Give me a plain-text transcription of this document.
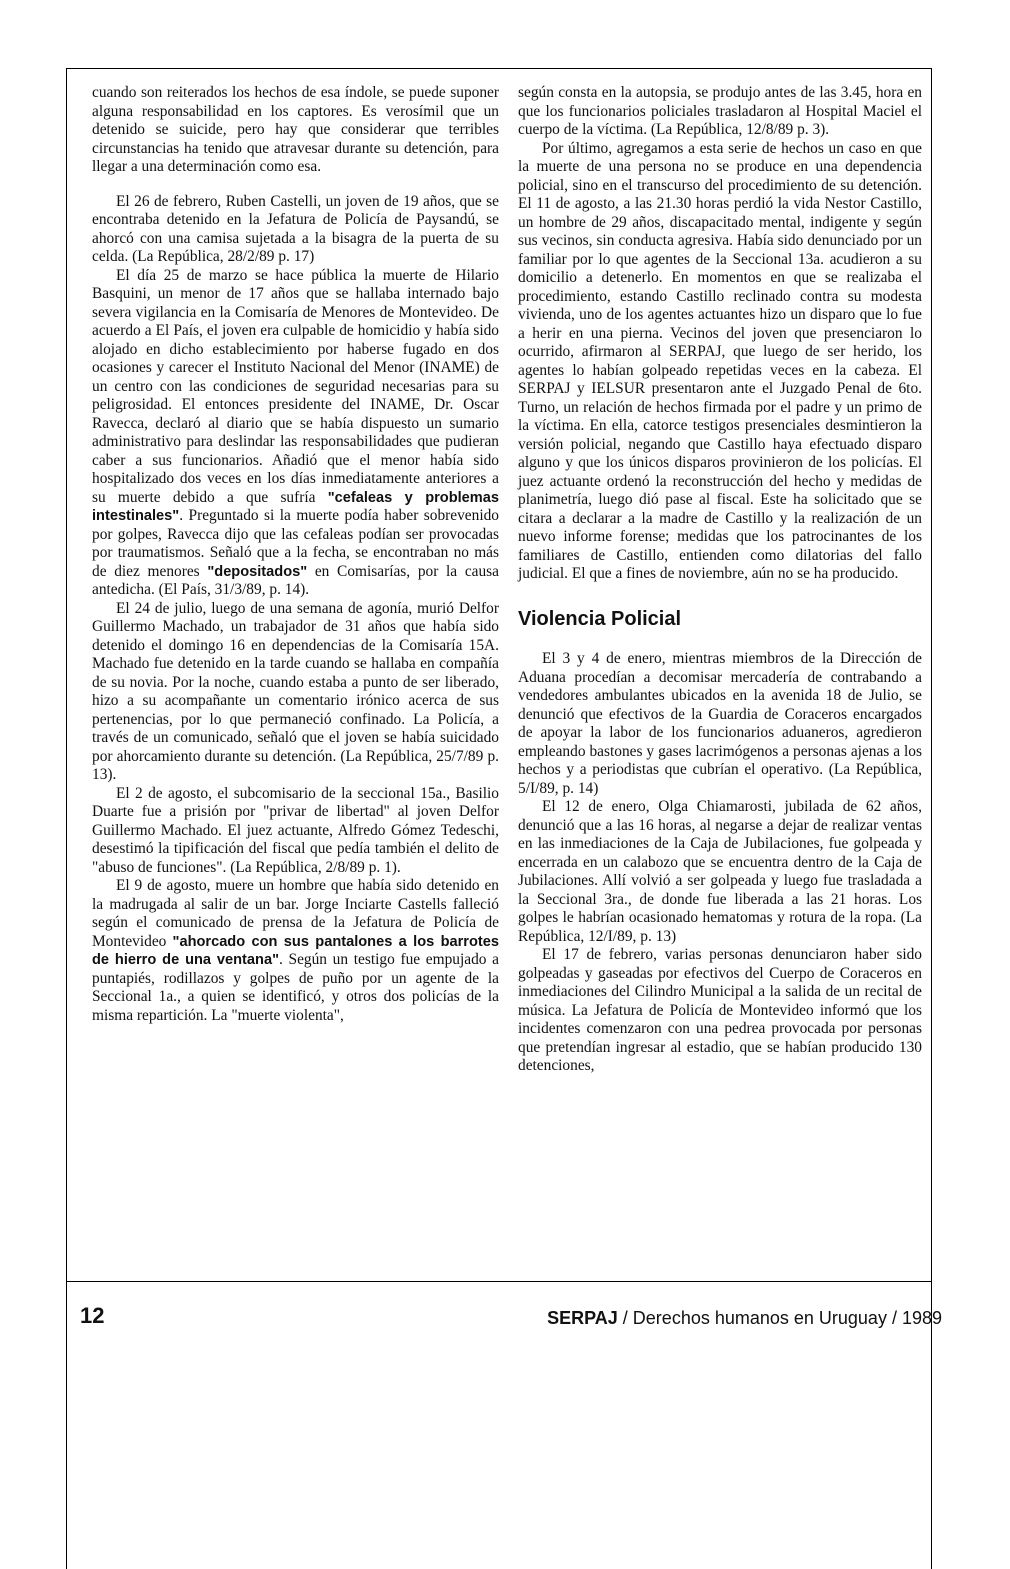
cuando son reiterados los hechos de esa índole, se puede suponer alguna responsabilidad en los captores. Es verosímil que un detenido se suicide, pero hay que considerar que terribles circunstancias ha tenido que atravesar durante su detención, para llegar a una determinación como esa.

El 26 de febrero, Ruben Castelli, un joven de 19 años, que se encontraba detenido en la Jefatura de Policía de Paysandú, se ahorcó con una camisa sujetada a la bisagra de la puerta de su celda. (La República, 28/2/89 p. 17)

El día 25 de marzo se hace pública la muerte de Hilario Basquini, un menor de 17 años que se hallaba internado bajo severa vigilancia en la Comisaría de Menores de Montevideo. De acuerdo a El País, el joven era culpable de homicidio y había sido alojado en dicho establecimiento por haberse fugado en dos ocasiones y carecer el Instituto Nacional del Menor (INAME) de un centro con las condiciones de seguridad necesarias para su peligrosidad. El entonces presidente del INAME, Dr. Oscar Ravecca, declaró al diario que se había dispuesto un sumario administrativo para deslindar las responsabilidades que pudieran caber a sus funcionarios. Añadió que el menor había sido hospitalizado dos veces en los días inmediatamente anteriores a su muerte debido a que sufría "cefaleas y problemas intestinales". Preguntado si la muerte podía haber sobrevenido por golpes, Ravecca dijo que las cefaleas podían ser provocadas por traumatismos. Señaló que a la fecha, se encontraban no más de diez menores "depositados" en Comisarías, por la causa antedicha. (El País, 31/3/89, p. 14).

El 24 de julio, luego de una semana de agonía, murió Delfor Guillermo Machado, un trabajador de 31 años que había sido detenido el domingo 16 en dependencias de la Comisaría 15A. Machado fue detenido en la tarde cuando se hallaba en compañía de su novia. Por la noche, cuando estaba a punto de ser liberado, hizo a su acompañante un comentario irónico acerca de sus pertenencias, por lo que permaneció confinado. La Policía, a través de un comunicado, señaló que el joven se había suicidado por ahorcamiento durante su detención. (La República, 25/7/89 p. 13).

El 2 de agosto, el subcomisario de la seccional 15a., Basilio Duarte fue a prisión por "privar de libertad" al joven Delfor Guillermo Machado. El juez actuante, Alfredo Gómez Tedeschi, desestimó la tipificación del fiscal que pedía también el delito de "abuso de funciones". (La República, 2/8/89 p. 1).

El 9 de agosto, muere un hombre que había sido detenido en la madrugada al salir de un bar. Jorge Inciarte Castells falleció según el comunicado de prensa de la Jefatura de Policía de Montevideo "ahorcado con sus pantalones a los barrotes de hierro de una ventana". Según un testigo fue empujado a puntapiés, rodillazos y golpes de puño por un agente de la Seccional 1a., a quien se identificó, y otros dos policías de la misma repartición. La "muerte violenta",

según consta en la autopsia, se produjo antes de las 3.45, hora en que los funcionarios policiales trasladaron al Hospital Maciel el cuerpo de la víctima. (La República, 12/8/89 p. 3).

Por último, agregamos a esta serie de hechos un caso en que la muerte de una persona no se produce en una dependencia policial, sino en el transcurso del procedimiento de su detención. El 11 de agosto, a las 21.30 horas perdió la vida Nestor Castillo, un hombre de 29 años, discapacitado mental, indigente y según sus vecinos, sin conducta agresiva. Había sido denunciado por un familiar por lo que agentes de la Seccional 13a. acudieron a su domicilio a detenerlo. En momentos en que se realizaba el procedimiento, estando Castillo reclinado contra su modesta vivienda, uno de los agentes actuantes hizo un disparo que lo fue a herir en una pierna. Vecinos del joven que presenciaron lo ocurrido, afirmaron al SERPAJ, que luego de ser herido, los agentes lo habían golpeado repetidas veces en la cabeza. El SERPAJ y IELSUR presentaron ante el Juzgado Penal de 6to. Turno, un relación de hechos firmada por el padre y un primo de la víctima. En ella, catorce testigos presenciales desmintieron la versión policial, negando que Castillo haya efectuado disparo alguno y que los únicos disparos provinieron de los policías. El juez actuante ordenó la reconstrucción del hecho y medidas de planimetría, luego dió pase al fiscal. Este ha solicitado que se citara a declarar a la madre de Castillo y la realización de un nuevo informe forense; medidas que los patrocinantes de los familiares de Castillo, entienden como dilatorias del fallo judicial. El que a fines de noviembre, aún no se ha producido.

Violencia Policial

El 3 y 4 de enero, mientras miembros de la Dirección de Aduana procedían a decomisar mercadería de contrabando a vendedores ambulantes ubicados en la avenida 18 de Julio, se denunció que efectivos de la Guardia de Coraceros encargados de apoyar la labor de los funcionarios aduaneros, agredieron empleando bastones y gases lacrimógenos a personas ajenas a los hechos y a periodistas que cubrían el operativo. (La República, 5/I/89, p. 14)

El 12 de enero, Olga Chiamarosti, jubilada de 62 años, denunció que a las 16 horas, al negarse a dejar de realizar ventas en las inmediaciones de la Caja de Jubilaciones, fue golpeada y encerrada en un calabozo que se encuentra dentro de la Caja de Jubilaciones. Allí volvió a ser golpeada y luego fue trasladada a la Seccional 3ra., de donde fue liberada a las 21 horas. Los golpes le habrían ocasionado hematomas y rotura de la ropa. (La República, 12/I/89, p. 13)

El 17 de febrero, varias personas denunciaron haber sido golpeadas y gaseadas por efectivos del Cuerpo de Coraceros en inmediaciones del Cilindro Municipal a la salida de un recital de música. La Jefatura de Policía de Montevideo informó que los incidentes comenzaron con una pedrea provocada por personas que pretendían ingresar al estadio, que se habían producido 130 detenciones,

12	SERPAJ / Derechos humanos en Uruguay / 1989
